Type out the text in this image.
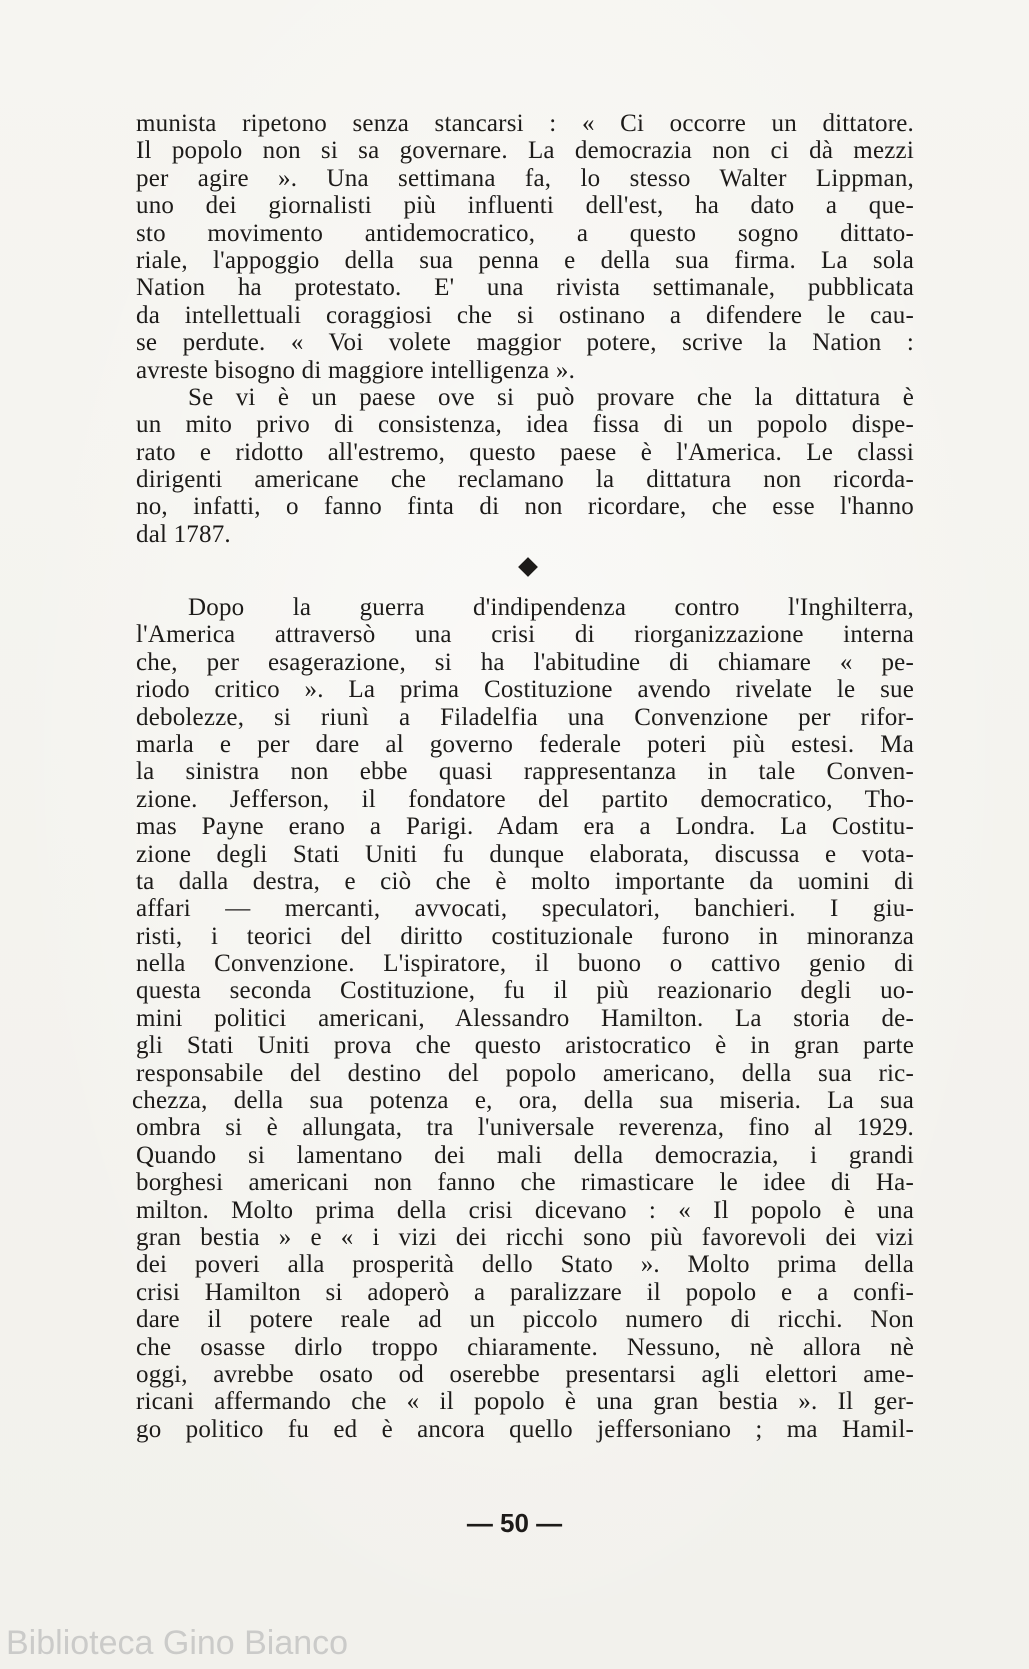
munista ripetono senza stancarsi : « Ci occorre un dittatore.
Il popolo non si sa governare. La democrazia non ci dà mezzi
per agire ». Una settimana fa, lo stesso Walter Lippman,
uno dei giornalisti più influenti dell'est, ha dato a que-
sto movimento antidemocratico, a questo sogno dittato-
riale, l'appoggio della sua penna e della sua firma. La sola
Nation ha protestato. E' una rivista settimanale, pubblicata
da intellettuali coraggiosi che si ostinano a difendere le cau-
se perdute. « Voi volete maggior potere, scrive la Nation :
avreste bisogno di maggiore intelligenza ».
Se vi è un paese ove si può provare che la dittatura è
un mito privo di consistenza, idea fissa di un popolo dispe-
rato e ridotto all'estremo, questo paese è l'America. Le classi
dirigenti americane che reclamano la dittatura non ricorda-
no, infatti, o fanno finta di non ricordare, che esse l'hanno
dal 1787.
Dopo la guerra d'indipendenza contro l'Inghilterra,
l'America attraversò una crisi di riorganizzazione interna
che, per esagerazione, si ha l'abitudine di chiamare « pe-
riodo critico ». La prima Costituzione avendo rivelate le sue
debolezze, si riunì a Filadelfia una Convenzione per rifor-
marla e per dare al governo federale poteri più estesi. Ma
la sinistra non ebbe quasi rappresentanza in tale Conven-
zione. Jefferson, il fondatore del partito democratico, Tho-
mas Payne erano a Parigi. Adam era a Londra. La Costitu-
zione degli Stati Uniti fu dunque elaborata, discussa e vota-
ta dalla destra, e ciò che è molto importante da uomini di
affari — mercanti, avvocati, speculatori, banchieri. I giu-
risti, i teorici del diritto costituzionale furono in minoranza
nella Convenzione. L'ispiratore, il buono o cattivo genio di
questa seconda Costituzione, fu il più reazionario degli uo-
mini politici americani, Alessandro Hamilton. La storia de-
gli Stati Uniti prova che questo aristocratico è in gran parte
responsabile del destino del popolo americano, della sua ric-
chezza, della sua potenza e, ora, della sua miseria. La sua
ombra si è allungata, tra l'universale reverenza, fino al 1929.
Quando si lamentano dei mali della democrazia, i grandi
borghesi americani non fanno che rimasticare le idee di Ha-
milton. Molto prima della crisi dicevano : « Il popolo è una
gran bestia » e « i vizi dei ricchi sono più favorevoli dei vizi
dei poveri alla prosperità dello Stato ». Molto prima della
crisi Hamilton si adoperò a paralizzare il popolo e a confi-
dare il potere reale ad un piccolo numero di ricchi. Non
che osasse dirlo troppo chiaramente. Nessuno, nè allora nè
oggi, avrebbe osato od oserebbe presentarsi agli elettori ame-
ricani affermando che « il popolo è una gran bestia ». Il ger-
go politico fu ed è ancora quello jeffersoniano ; ma Hamil-
— 50 —
Biblioteca Gino Bianco
